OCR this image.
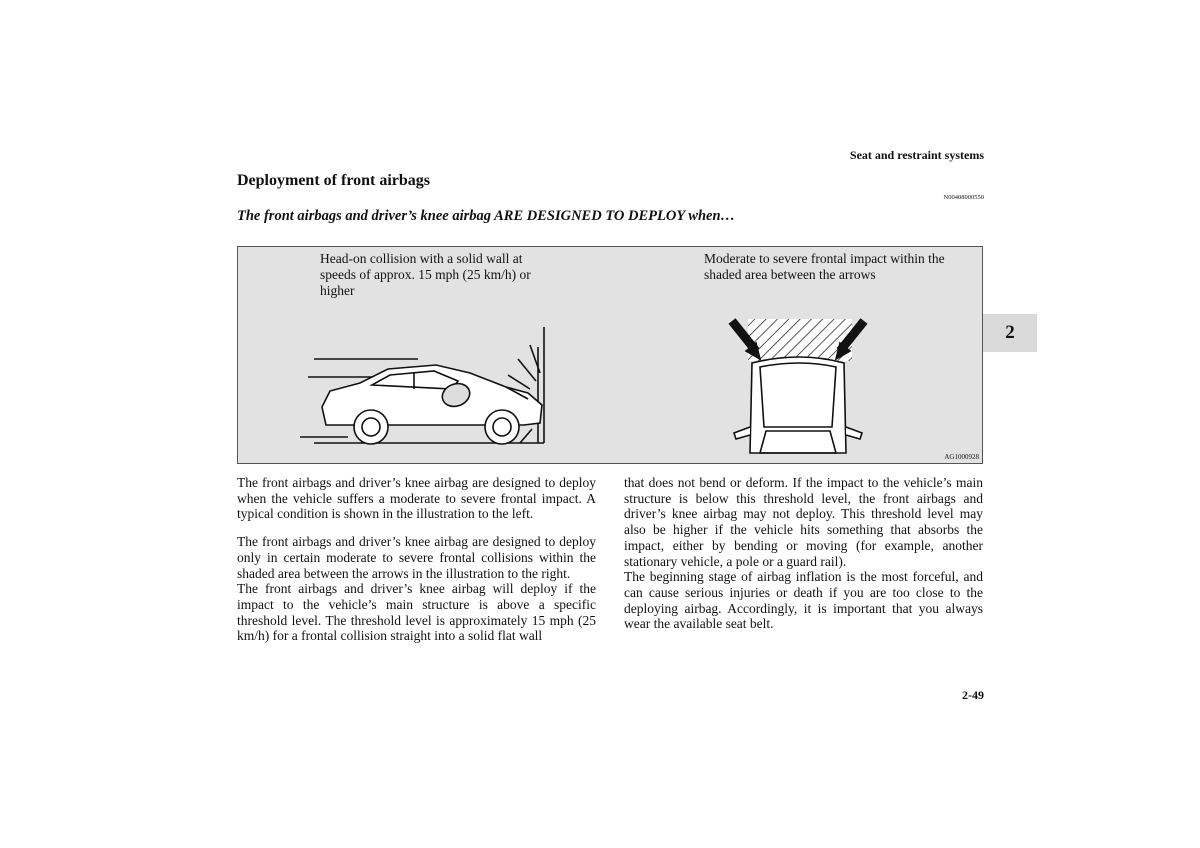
Seat and restraint systems
Deployment of front airbags
N00408000550
The front airbags and driver’s knee airbag ARE DESIGNED TO DEPLOY when…
Head-on collision with a solid wall at speeds of approx. 15 mph (25 km/h) or higher
Moderate to severe frontal impact within the shaded area between the arrows
AG1000928

The front airbags and driver’s knee airbag are designed to deploy when the vehicle suffers a moderate to severe frontal impact. A typical condition is shown in the illustration to the left.

The front airbags and driver’s knee airbag are designed to deploy only in certain moderate to severe frontal collisions within the shaded area between the arrows in the illustration to the right.

The front airbags and driver’s knee airbag will deploy if the impact to the vehicle’s main structure is above a specific threshold level. The threshold level is approximately 15 mph (25 km/h) for a frontal collision straight into a solid flat wall

that does not bend or deform. If the impact to the vehicle’s main structure is below this threshold level, the front airbags and driver’s knee airbag may not deploy. This threshold level may also be higher if the vehicle hits something that absorbs the impact, either by bending or moving (for example, another stationary vehicle, a pole or a guard rail).

The beginning stage of airbag inflation is the most forceful, and can cause serious injuries or death if you are too close to the deploying airbag. Accordingly, it is important that you always wear the available seat belt.

2
2-49
